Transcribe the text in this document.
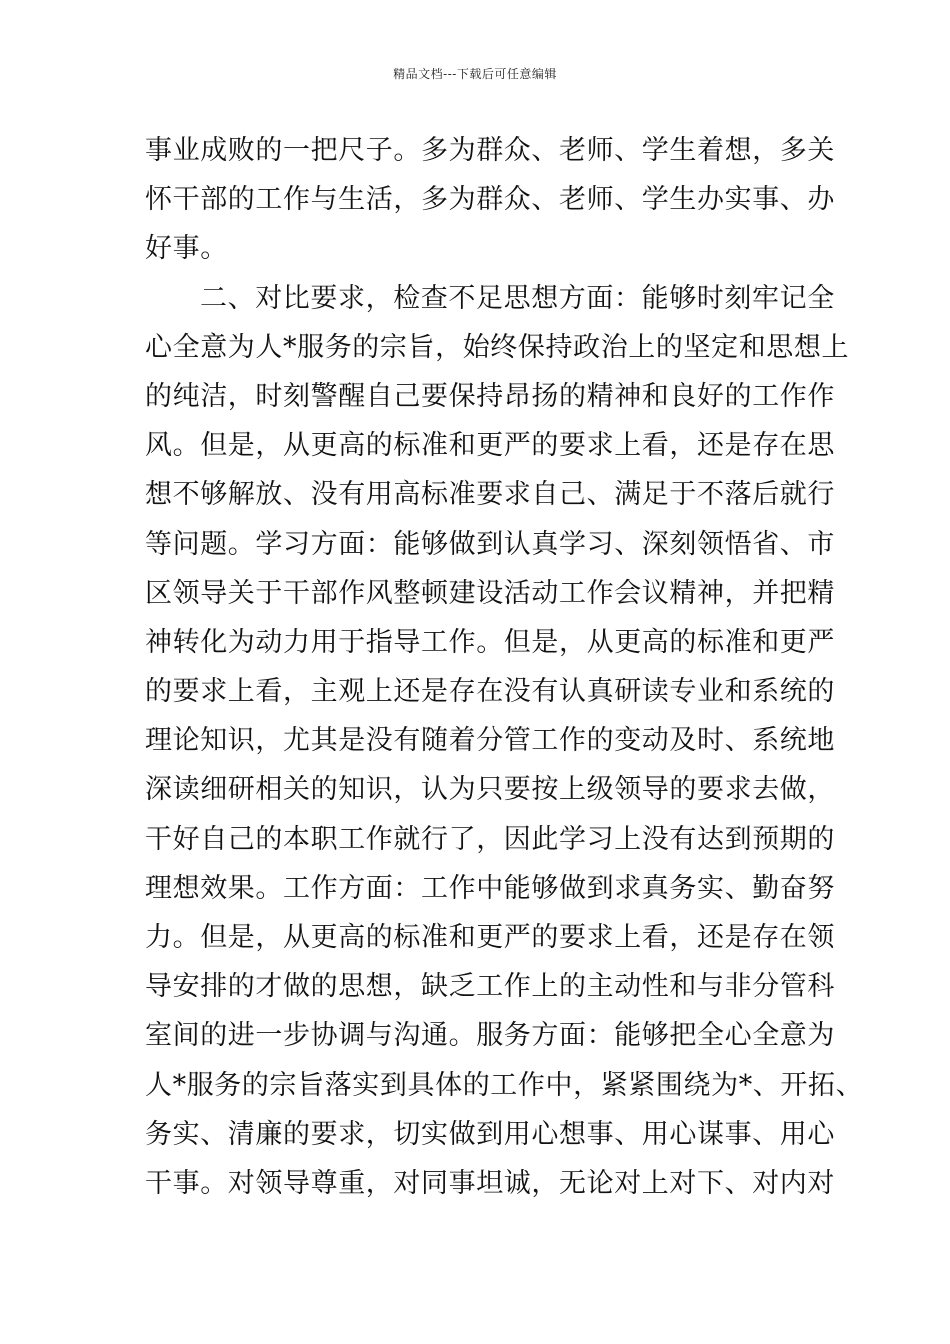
精品文档---下载后可任意编辑
事业成败的一把尺子。多为群众、老师、学生着想，多关
怀干部的工作与生活，多为群众、老师、学生办实事、办
好事。
二、对比要求，检查不足思想方面：能够时刻牢记全
心全意为人*服务的宗旨，始终保持政治上的坚定和思想上
的纯洁，时刻警醒自己要保持昂扬的精神和良好的工作作
风。但是，从更高的标准和更严的要求上看，还是存在思
想不够解放、没有用高标准要求自己、满足于不落后就行
等问题。学习方面：能够做到认真学习、深刻领悟省、市
区领导关于干部作风整顿建设活动工作会议精神，并把精
神转化为动力用于指导工作。但是，从更高的标准和更严
的要求上看，主观上还是存在没有认真研读专业和系统的
理论知识，尤其是没有随着分管工作的变动及时、系统地
深读细研相关的知识，认为只要按上级领导的要求去做，
干好自己的本职工作就行了，因此学习上没有达到预期的
理想效果。工作方面：工作中能够做到求真务实、勤奋努
力。但是，从更高的标准和更严的要求上看，还是存在领
导安排的才做的思想，缺乏工作上的主动性和与非分管科
室间的进一步协调与沟通。服务方面：能够把全心全意为
人*服务的宗旨落实到具体的工作中，紧紧围绕为*、开拓、
务实、清廉的要求，切实做到用心想事、用心谋事、用心
干事。对领导尊重，对同事坦诚，无论对上对下、对内对
